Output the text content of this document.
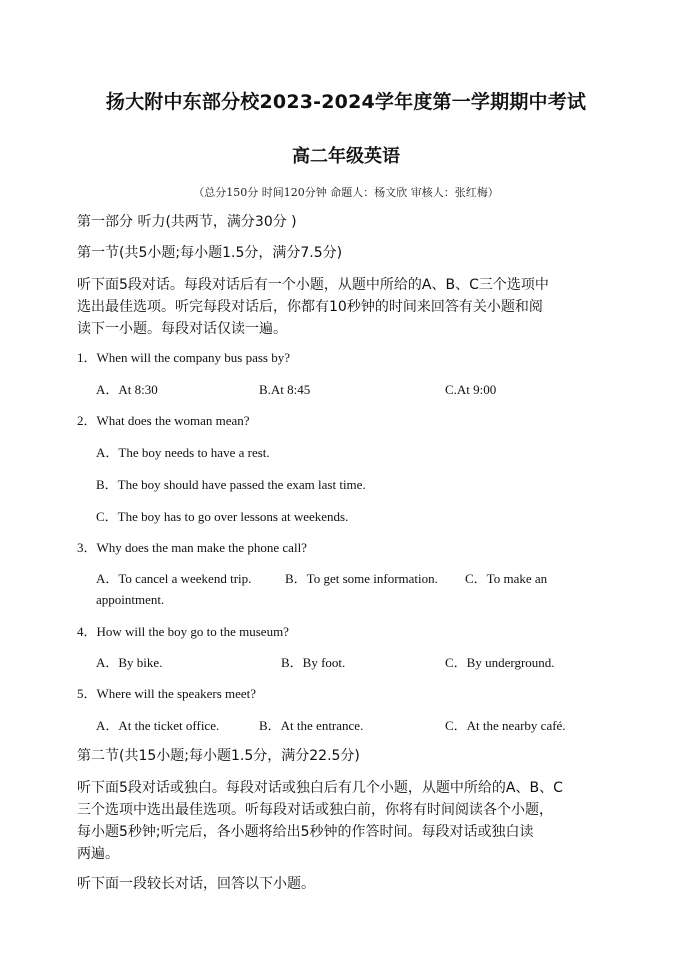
扬大附中东部分校2023-2024学年度第一学期期中考试
高二年级英语
（总分150分 时间120分钟 命题人：杨文欣 审核人：张红梅）
第一部分 听力(共两节，满分30分 )
第一节(共5小题;每小题1.5分，满分7.5分)
听下面5段对话。每段对话后有一个小题，从题中所给的A、B、C三个选项中
选出最佳选项。听完每段对话后，你都有10秒钟的时间来回答有关小题和阅
读下一小题。每段对话仅读一遍。
1．When will the company bus pass by?
A．At 8:30	B.At 8:45	C.At 9:00
2．What does the woman mean?
A．The boy needs to have a rest.
B．The boy should have passed the exam last time.
C．The boy has to go over lessons at weekends.
3．Why does the man make the phone call?
A．To cancel a weekend trip.	B．To get some information. C．To make an
appointment.
4．How will the boy go to the museum?
A．By bike.	B．By foot.	C．By underground.
5．Where will the speakers meet?
A．At the ticket office.	B．At the entrance.	C．At the nearby café.
第二节(共15小题;每小题1.5分，满分22.5分)
听下面5段对话或独白。每段对话或独白后有几个小题，从题中所给的A、B、C
三个选项中选出最佳选项。听每段对话或独白前，你将有时间阅读各个小题，
每小题5秒钟;听完后，各小题将给出5秒钟的作答时间。每段对话或独白读
两遍。
听下面一段较长对话，回答以下小题。
